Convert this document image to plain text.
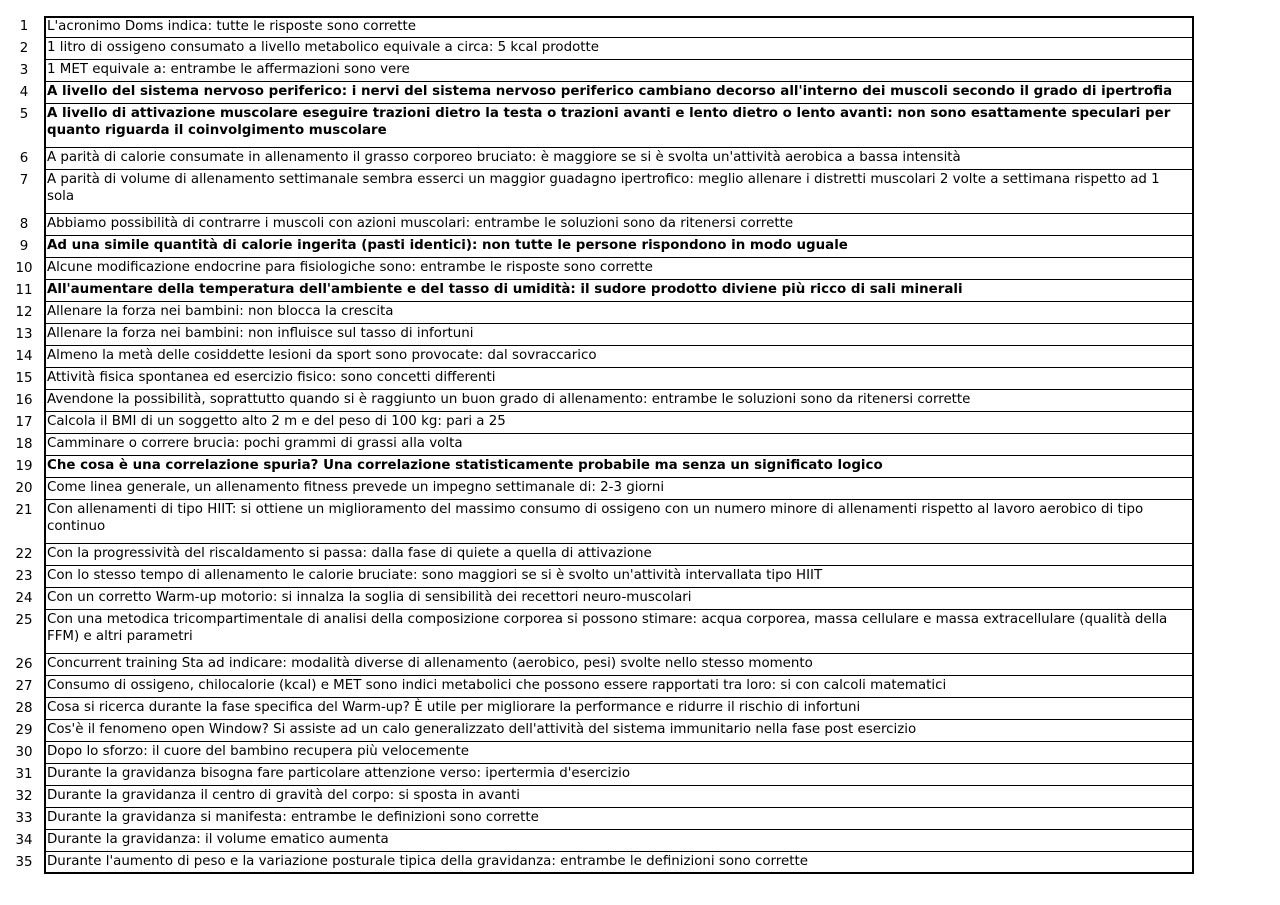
1	L'acronimo Doms indica: tutte le risposte sono corrette
2	1 litro di ossigeno consumato a livello metabolico equivale a circa: 5 kcal prodotte
3	1 MET equivale a: entrambe le affermazioni sono vere
4	A livello del sistema nervoso periferico: i nervi del sistema nervoso periferico cambiano decorso all'interno dei muscoli secondo il grado di ipertrofia
5	A livello di attivazione muscolare eseguire trazioni dietro la testa o trazioni avanti e lento dietro o lento avanti: non sono esattamente speculari per quanto riguarda il coinvolgimento muscolare
6	A parità di calorie consumate in allenamento il grasso corporeo bruciato: è maggiore se si è svolta un'attività aerobica a bassa intensità
7	A parità di volume di allenamento settimanale sembra esserci un maggior guadagno ipertrofico: meglio allenare i distretti muscolari 2 volte a settimana rispetto ad 1 sola
8	Abbiamo possibilità di contrarre i muscoli con azioni muscolari: entrambe le soluzioni sono da ritenersi corrette
9	Ad una simile quantità di calorie ingerita (pasti identici): non tutte le persone rispondono in modo uguale
10	Alcune modificazione endocrine para fisiologiche sono: entrambe le risposte sono corrette
11	All'aumentare della temperatura dell'ambiente e del tasso di umidità: il sudore prodotto diviene più ricco di sali minerali
12	Allenare la forza nei bambini: non blocca la crescita
13	Allenare la forza nei bambini: non influisce sul tasso di infortuni
14	Almeno la metà delle cosiddette lesioni da sport sono provocate: dal sovraccarico
15	Attività fisica spontanea ed esercizio fisico: sono concetti differenti
16	Avendone la possibilità, soprattutto quando si è raggiunto un buon grado di allenamento: entrambe le soluzioni sono da ritenersi corrette
17	Calcola il BMI di un soggetto alto 2 m e del peso di 100 kg: pari a 25
18	Camminare o correre brucia: pochi grammi di grassi alla volta
19	Che cosa è una correlazione spuria? Una correlazione statisticamente probabile ma senza un significato logico
20	Come linea generale, un allenamento fitness prevede un impegno settimanale di: 2-3 giorni
21	Con allenamenti di tipo HIIT: si ottiene un miglioramento del massimo consumo di ossigeno con un numero minore di allenamenti rispetto al lavoro aerobico di tipo continuo
22	Con la progressività del riscaldamento si passa: dalla fase di quiete a quella di attivazione
23	Con lo stesso tempo di allenamento le calorie bruciate: sono maggiori se si è svolto un'attività intervallata tipo HIIT
24	Con un corretto Warm-up motorio: si innalza la soglia di sensibilità dei recettori neuro-muscolari
25	Con una metodica tricompartimentale di analisi della composizione corporea si possono stimare: acqua corporea, massa cellulare e massa extracellulare (qualità della FFM) e altri parametri
26	Concurrent training Sta ad indicare: modalità diverse di allenamento (aerobico, pesi) svolte nello stesso momento
27	Consumo di ossigeno, chilocalorie (kcal) e MET sono indici metabolici che possono essere rapportati tra loro: si con calcoli matematici
28	Cosa si ricerca durante la fase specifica del Warm-up? È utile per migliorare la performance e ridurre il rischio di infortuni
29	Cos'è il fenomeno open Window? Si assiste ad un calo generalizzato dell'attività del sistema immunitario nella fase post esercizio
30	Dopo lo sforzo: il cuore del bambino recupera più velocemente
31	Durante la gravidanza bisogna fare particolare attenzione verso: ipertermia d'esercizio
32	Durante la gravidanza il centro di gravità del corpo: si sposta in avanti
33	Durante la gravidanza si manifesta: entrambe le definizioni sono corrette
34	Durante la gravidanza: il volume ematico aumenta
35	Durante l'aumento di peso e la variazione posturale tipica della gravidanza: entrambe le definizioni sono corrette
